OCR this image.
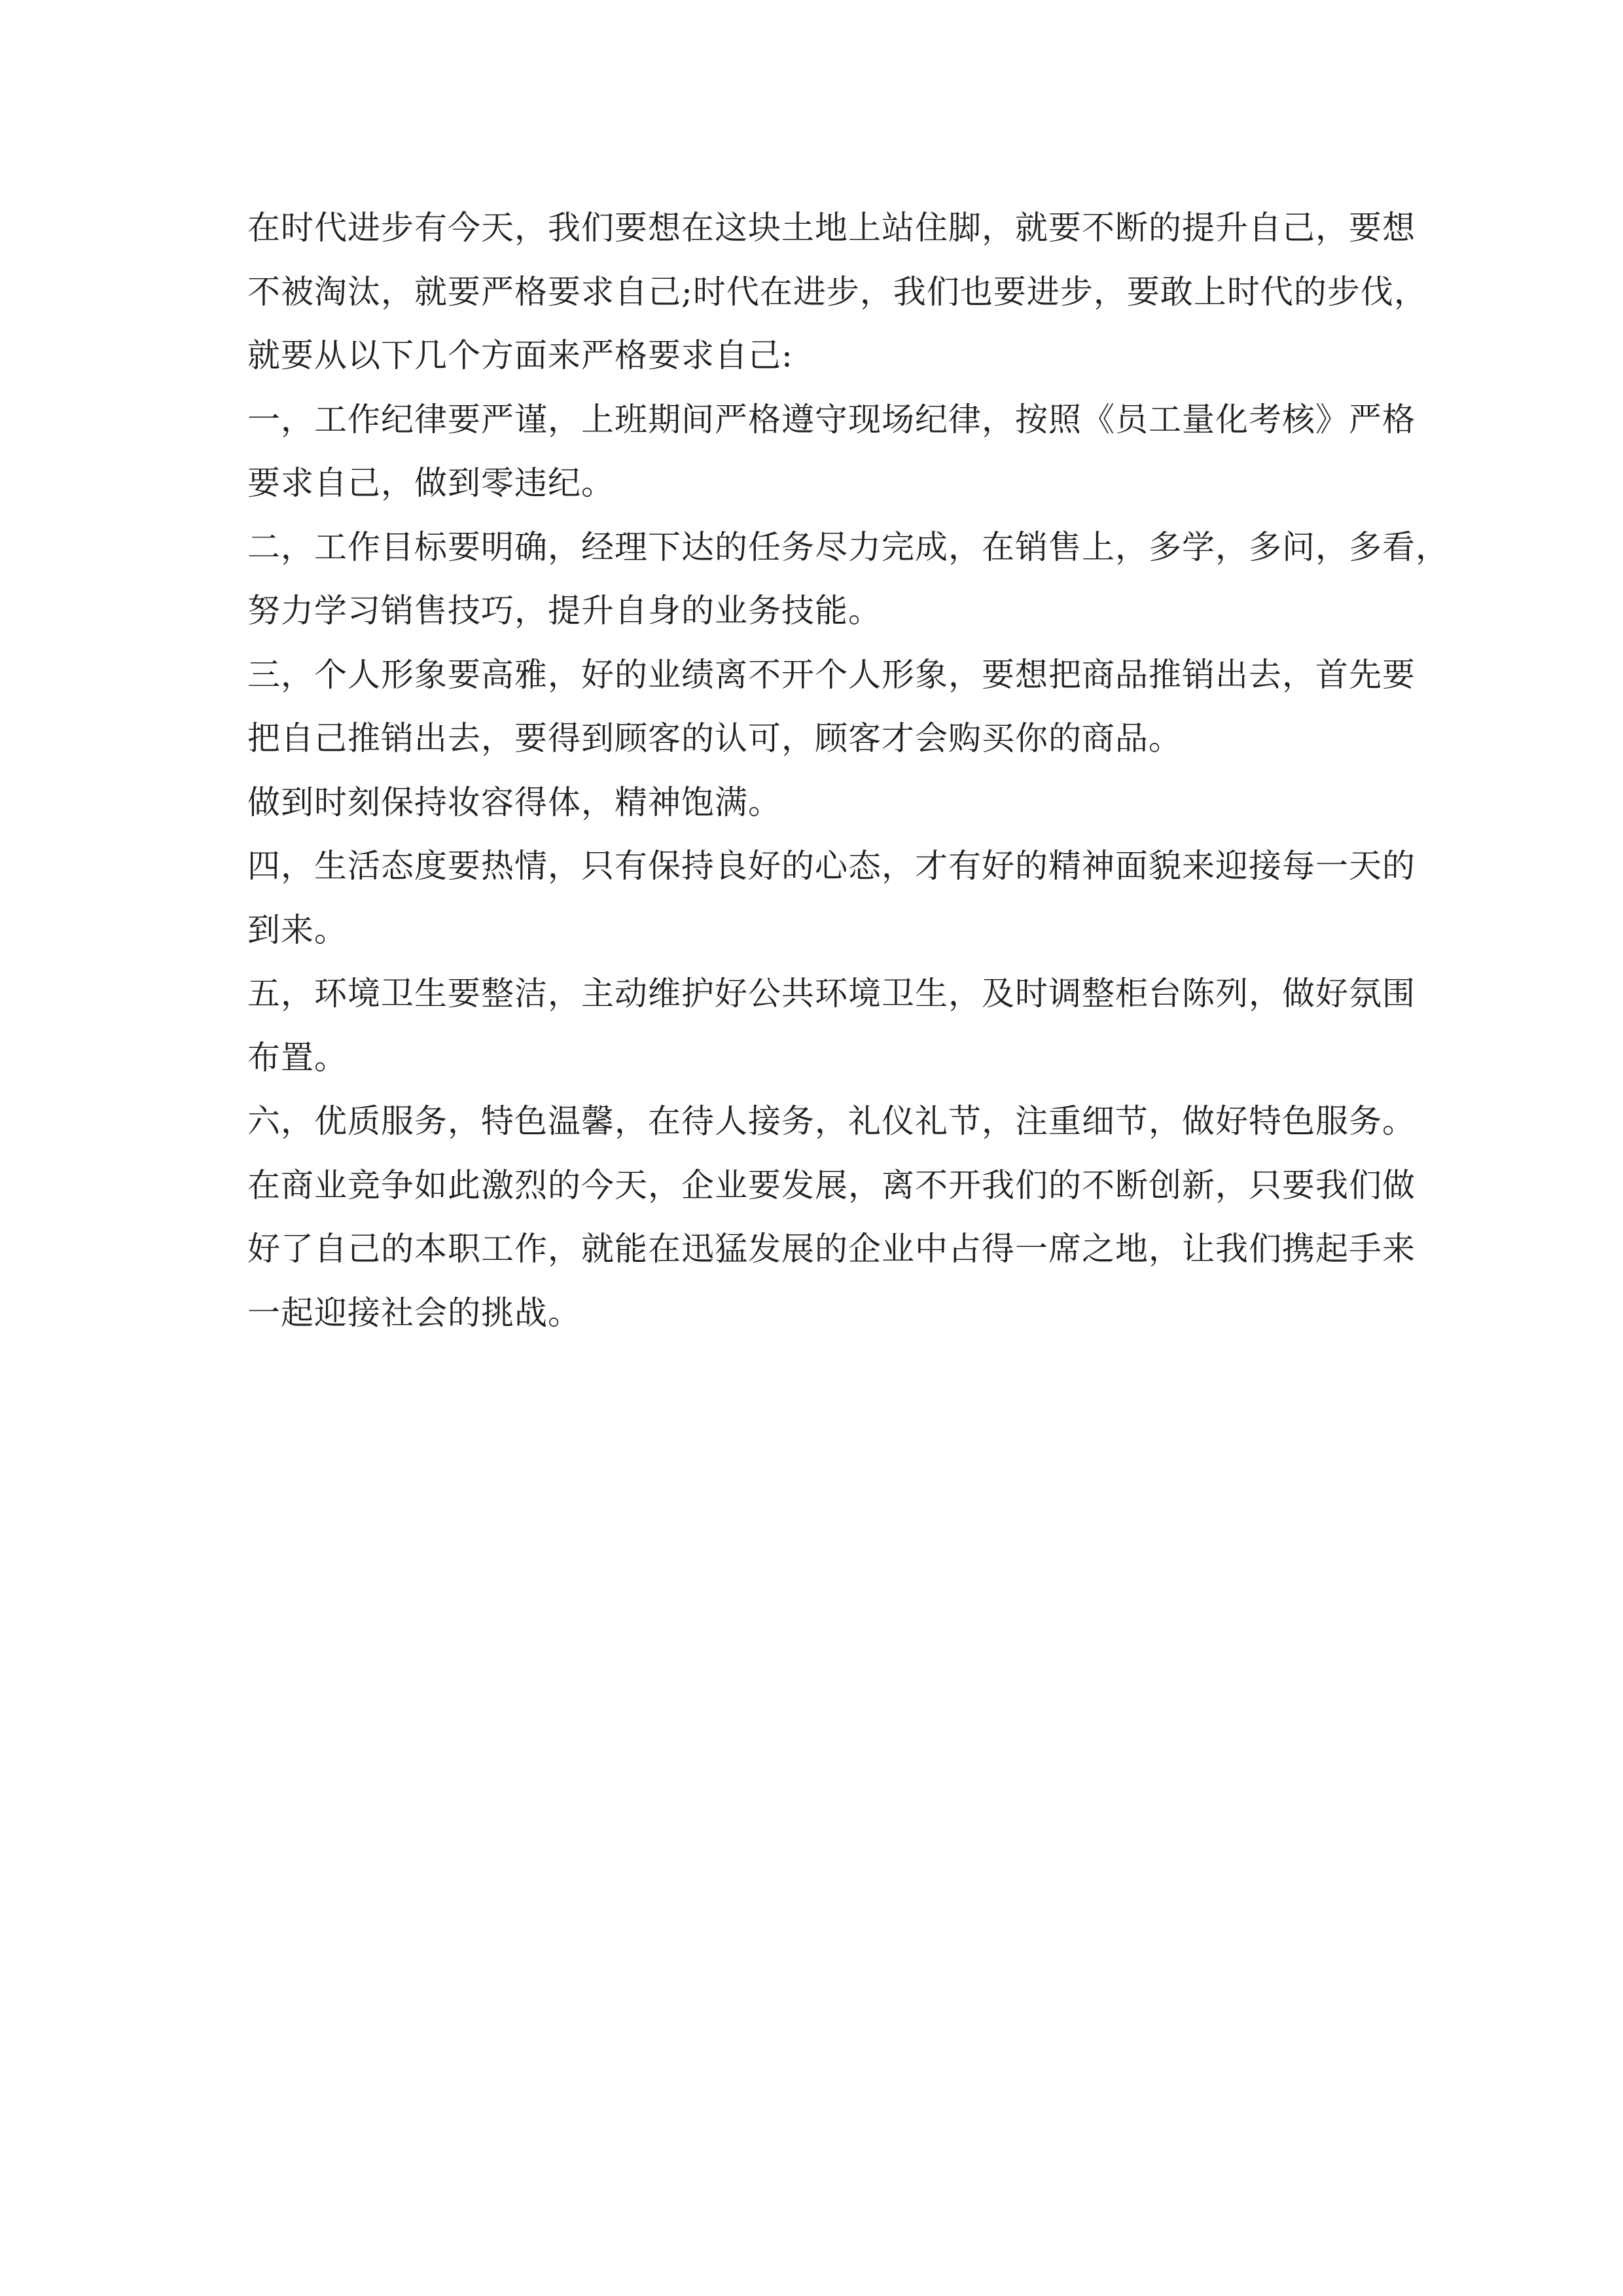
在时代进步有今天，我们要想在这块土地上站住脚，就要不断的提升自己，要想
不被淘汰，就要严格要求自己;时代在进步，我们也要进步，要敢上时代的步伐，
就要从以下几个方面来严格要求自己:
一，工作纪律要严谨，上班期间严格遵守现场纪律，按照《员工量化考核》严格
要求自己，做到零违纪。
二，工作目标要明确，经理下达的任务尽力完成，在销售上，多学，多问，多看，
努力学习销售技巧，提升自身的业务技能。
三，个人形象要高雅，好的业绩离不开个人形象，要想把商品推销出去，首先要
把自己推销出去，要得到顾客的认可，顾客才会购买你的商品。
做到时刻保持妆容得体，精神饱满。
四，生活态度要热情，只有保持良好的心态，才有好的精神面貌来迎接每一天的
到来。
五，环境卫生要整洁，主动维护好公共环境卫生，及时调整柜台陈列，做好氛围
布置。
六，优质服务，特色温馨，在待人接务，礼仪礼节，注重细节，做好特色服务。
在商业竞争如此激烈的今天，企业要发展，离不开我们的不断创新，只要我们做
好了自己的本职工作，就能在迅猛发展的企业中占得一席之地，让我们携起手来
一起迎接社会的挑战。
